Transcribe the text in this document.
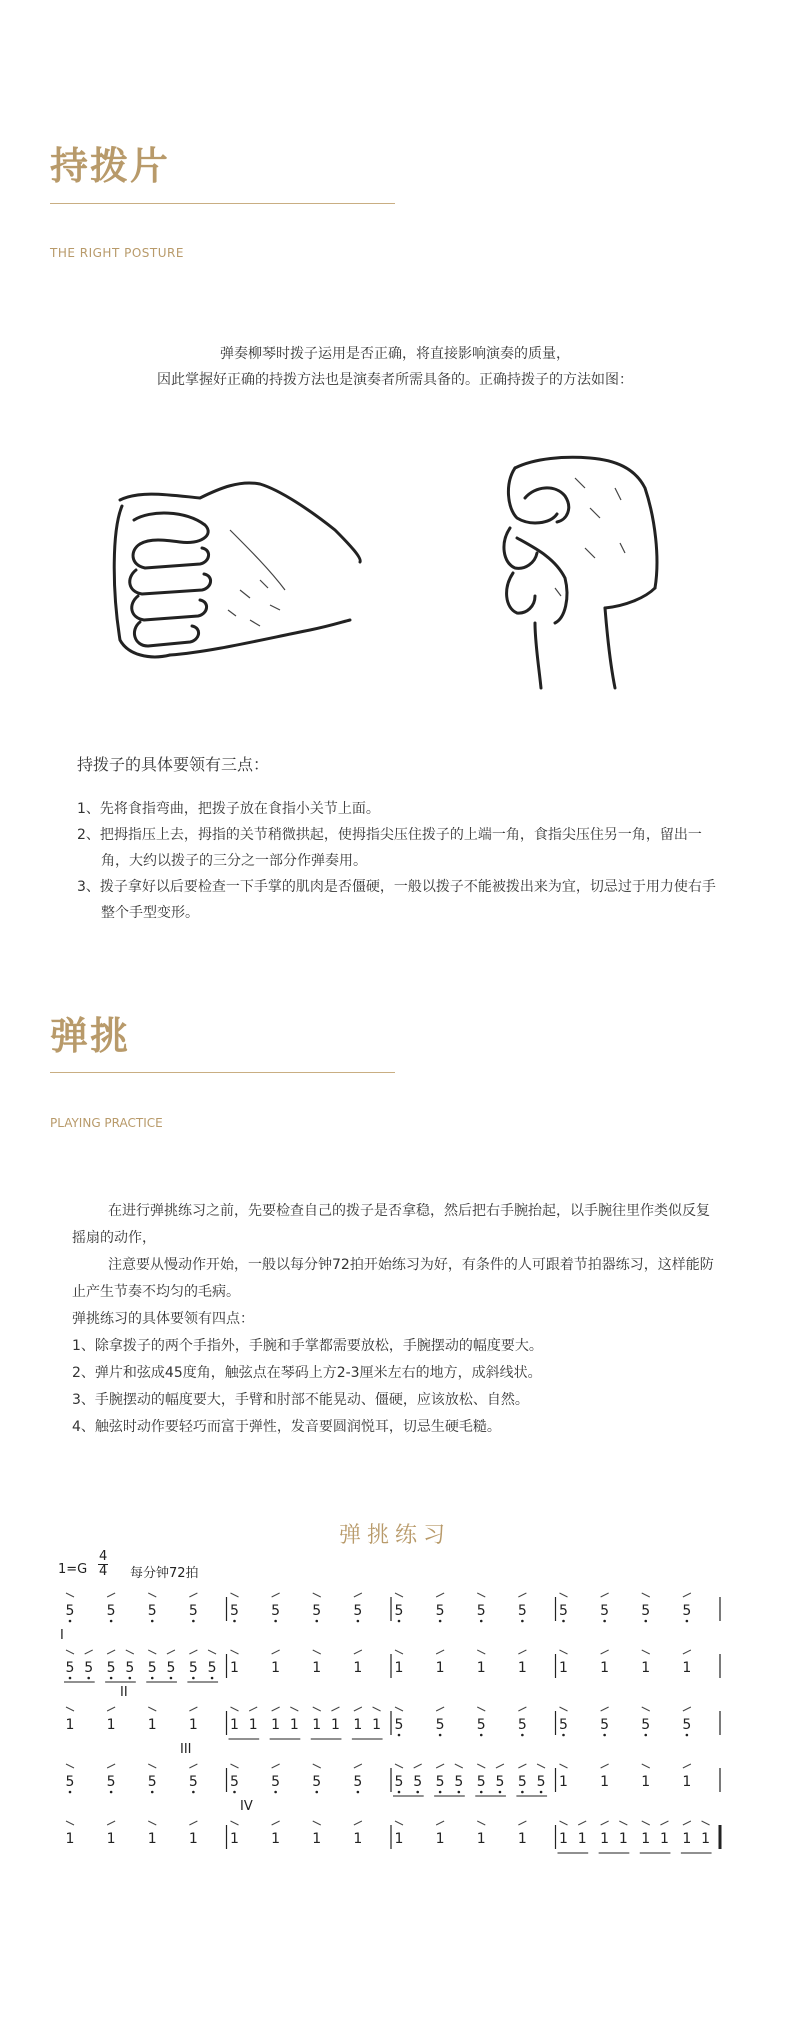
持拨片
THE RIGHT POSTURE
弹奏柳琴时拨子运用是否正确，将直接影响演奏的质量，
因此掌握好正确的持拨方法也是演奏者所需具备的。正确持拨子的方法如图：

持拨子的具体要领有三点：

1、先将食指弯曲，把拨子放在食指小关节上面。

2、把拇指压上去，拇指的关节稍微拱起，使拇指尖压住拨子的上端一角，食指尖压住另一角，留出一角，大约以拨子的三分之一部分作弹奏用。

3、拨子拿好以后要检查一下手掌的肌肉是否僵硬，一般以拨子不能被拨出来为宜，切忌过于用力使右手整个手型变形。

弹挑
PLAYING PRACTICE

在进行弹挑练习之前，先要检查自己的拨子是否拿稳，然后把右手腕抬起，以手腕往里作类似反复摇扇的动作，

注意要从慢动作开始，一般以每分钟72拍开始练习为好，有条件的人可跟着节拍器练习，这样能防止产生节奏不均匀的毛病。

弹挑练习的具体要领有四点：

1、除拿拨子的两个手指外，手腕和手掌都需要放松，手腕摆动的幅度要大。

2、弹片和弦成45度角，触弦点在琴码上方2-3厘米左右的地方，成斜线状。

3、手腕摆动的幅度要大，手臂和肘部不能晃动、僵硬，应该放松、自然。

4、触弦时动作要轻巧而富于弹性，发音要圆润悦耳，切忌生硬毛糙。

弹挑练习
$1=G \frac{4}{4}$ 每分钟72拍
5 5 5 5 5 5 5 5 5 5 5 5 5 5 5 5
I
5 5 5 5 5 5 5 5 1 1 1 1 1 1 1 1 1 1 1 1
II
1 1 1 1 1 1 1 1 1 1 1 1 5 5 5 5 5 5 5 5
III
5 5 5 5 5 5 5 5 5 5 5 5 5 5 5 5 1 1 1 1
IV
1 1 1 1 1 1 1 1 1 1 1 1 1 1 1 1 1 1 1 1
